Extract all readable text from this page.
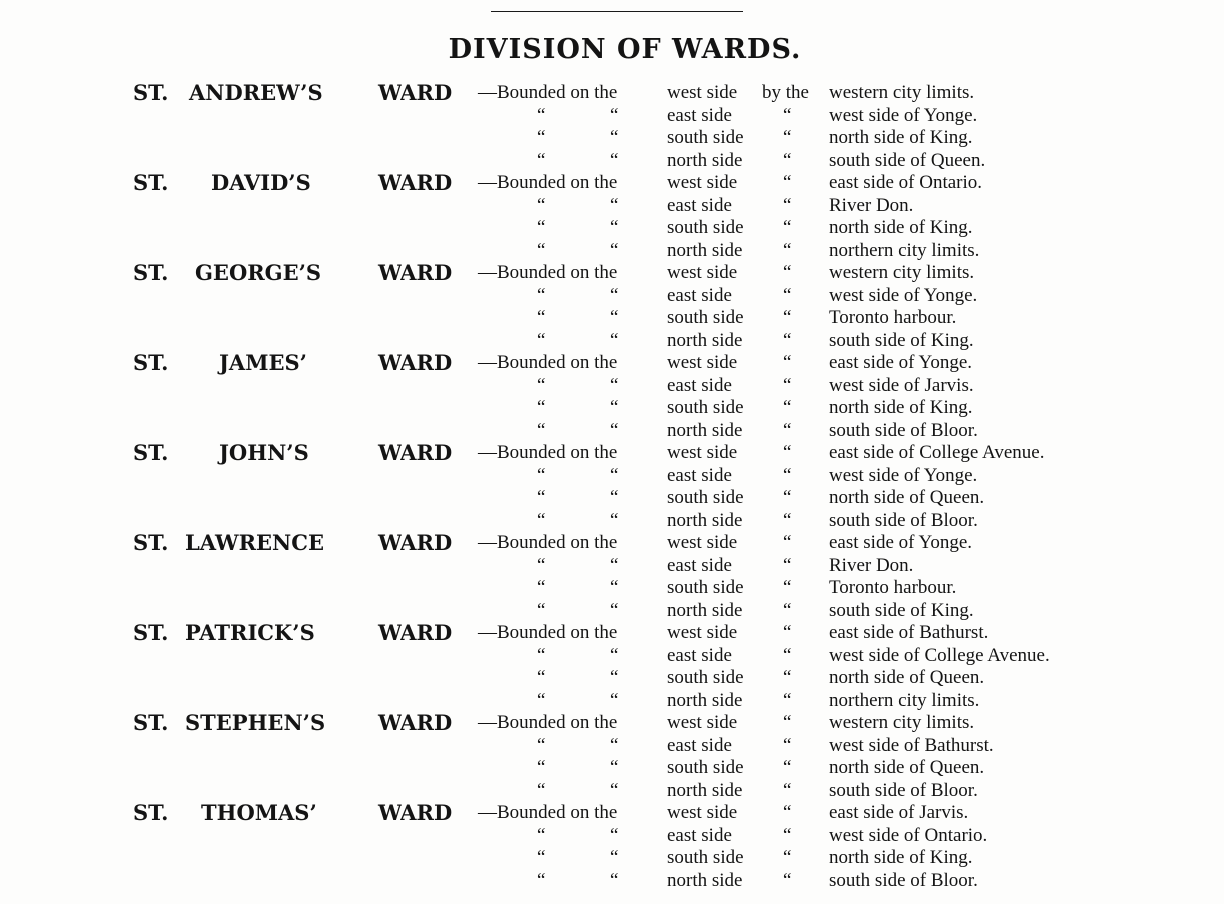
DIVISION OF WARDS.
ST. ANDREW’S	WARD —Bounded on the	west side by the western city limits.
“	“	east side	“ west side of Yonge.
“	“	south side “ north side of King.
“	“	north side “ south side of Queen.
ST. DAVID’S	WARD —Bounded on the	west side “ east side of Ontario.
“	“	east side	“ River Don.
“	“	south side “ north side of King.
“	“	north side “ northern city limits.
ST. GEORGE’S	WARD —Bounded on the	west side “ western city limits.
“	“	east side	“ west side of Yonge.
“	“	south side “ Toronto harbour.
“	“	north side “ south side of King.
ST. JAMES’	WARD —Bounded on the	west side “ east side of Yonge.
“	“	east side	“ west side of Jarvis.
“	“	south side “ north side of King.
“	“	north side “ south side of Bloor.
ST. JOHN’S	WARD —Bounded on the	west side “ east side of College Avenue.
“	“	east side	“ west side of Yonge.
“	“	south side “ north side of Queen.
“	“	north side “ south side of Bloor.
ST. LAWRENCE	WARD —Bounded on the	west side “ east side of Yonge.
“	“	east side	“ River Don.
“	“	south side “ Toronto harbour.
“	“	north side “ south side of King.
ST. PATRICK’S	WARD —Bounded on the	west side “ east side of Bathurst.
“	“	east side	“ west side of College Avenue.
“	“	south side “ north side of Queen.
“	“	north side “ northern city limits.
ST. STEPHEN’S	WARD —Bounded on the	west side “ western city limits.
“	“	east side	“ west side of Bathurst.
“	“	south side “ north side of Queen.
“	“	north side “ south side of Bloor.
ST. THOMAS’	WARD —Bounded on the	west side “ east side of Jarvis.
“	“	east side	“ west side of Ontario.
“	“	south side “ north side of King.
“	“	north side “ south side of Bloor.
